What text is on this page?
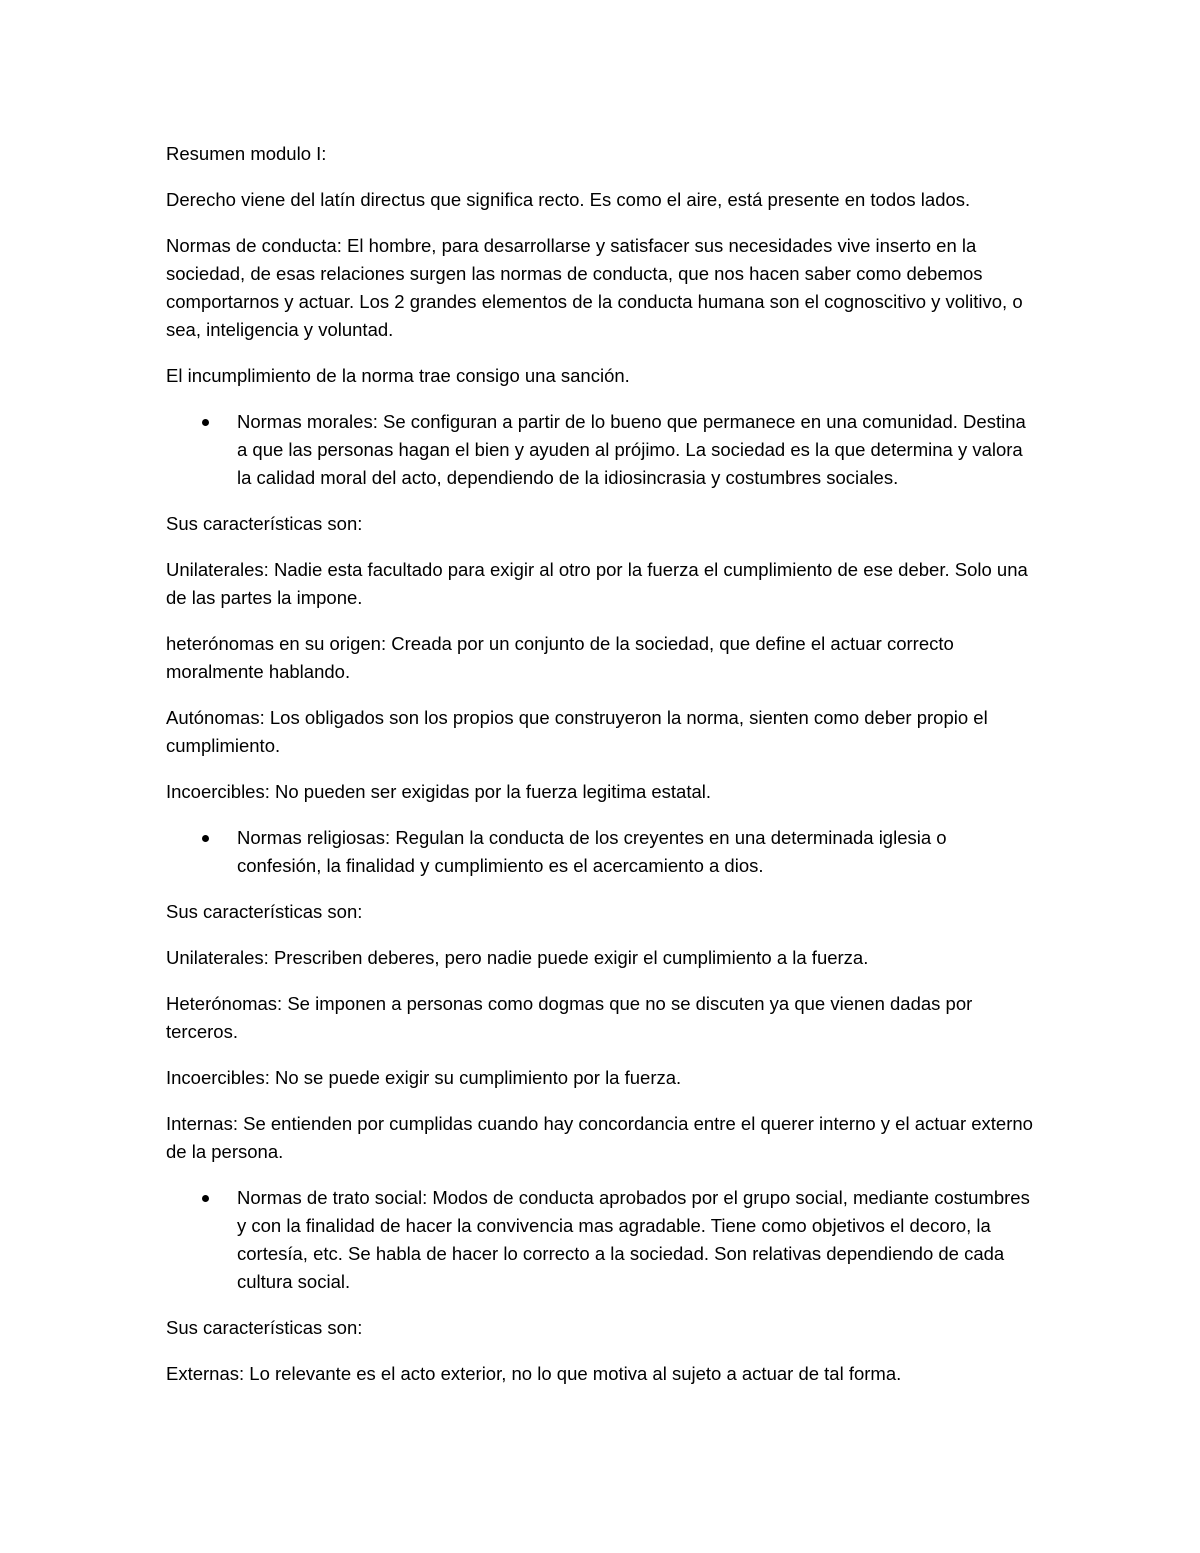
Resumen modulo I:

Derecho viene del latín directus que significa recto. Es como el aire, está presente en todos lados.

Normas de conducta: El hombre, para desarrollarse y satisfacer sus necesidades vive inserto en la sociedad, de esas relaciones surgen las normas de conducta, que nos hacen saber como debemos comportarnos y actuar. Los 2 grandes elementos de la conducta humana son el cognoscitivo y volitivo, o sea, inteligencia y voluntad.

El incumplimiento de la norma trae consigo una sanción.

Normas morales: Se configuran a partir de lo bueno que permanece en una comunidad. Destina a que las personas hagan el bien y ayuden al prójimo. La sociedad es la que determina y valora la calidad moral del acto, dependiendo de la idiosincrasia y costumbres sociales.

Sus características son:

Unilaterales: Nadie esta facultado para exigir al otro por la fuerza el cumplimiento de ese deber. Solo una de las partes la impone.

heterónomas en su origen: Creada por un conjunto de la sociedad, que define el actuar correcto moralmente hablando.

Autónomas: Los obligados son los propios que construyeron la norma, sienten como deber propio el cumplimiento.

Incoercibles: No pueden ser exigidas por la fuerza legitima estatal.

Normas religiosas: Regulan la conducta de los creyentes en una determinada iglesia o confesión, la finalidad y cumplimiento es el acercamiento a dios.

Sus características son:

Unilaterales: Prescriben deberes, pero nadie puede exigir el cumplimiento a la fuerza.

Heterónomas: Se imponen a personas como dogmas que no se discuten ya que vienen dadas por terceros.

Incoercibles: No se puede exigir su cumplimiento por la fuerza.

Internas: Se entienden por cumplidas cuando hay concordancia entre el querer interno y el actuar externo de la persona.

Normas de trato social: Modos de conducta aprobados por el grupo social, mediante costumbres y con la finalidad de hacer la convivencia mas agradable. Tiene como objetivos el decoro, la cortesía, etc. Se habla de hacer lo correcto a la sociedad. Son relativas dependiendo de cada cultura social.

Sus características son:

Externas: Lo relevante es el acto exterior, no lo que motiva al sujeto a actuar de tal forma.
